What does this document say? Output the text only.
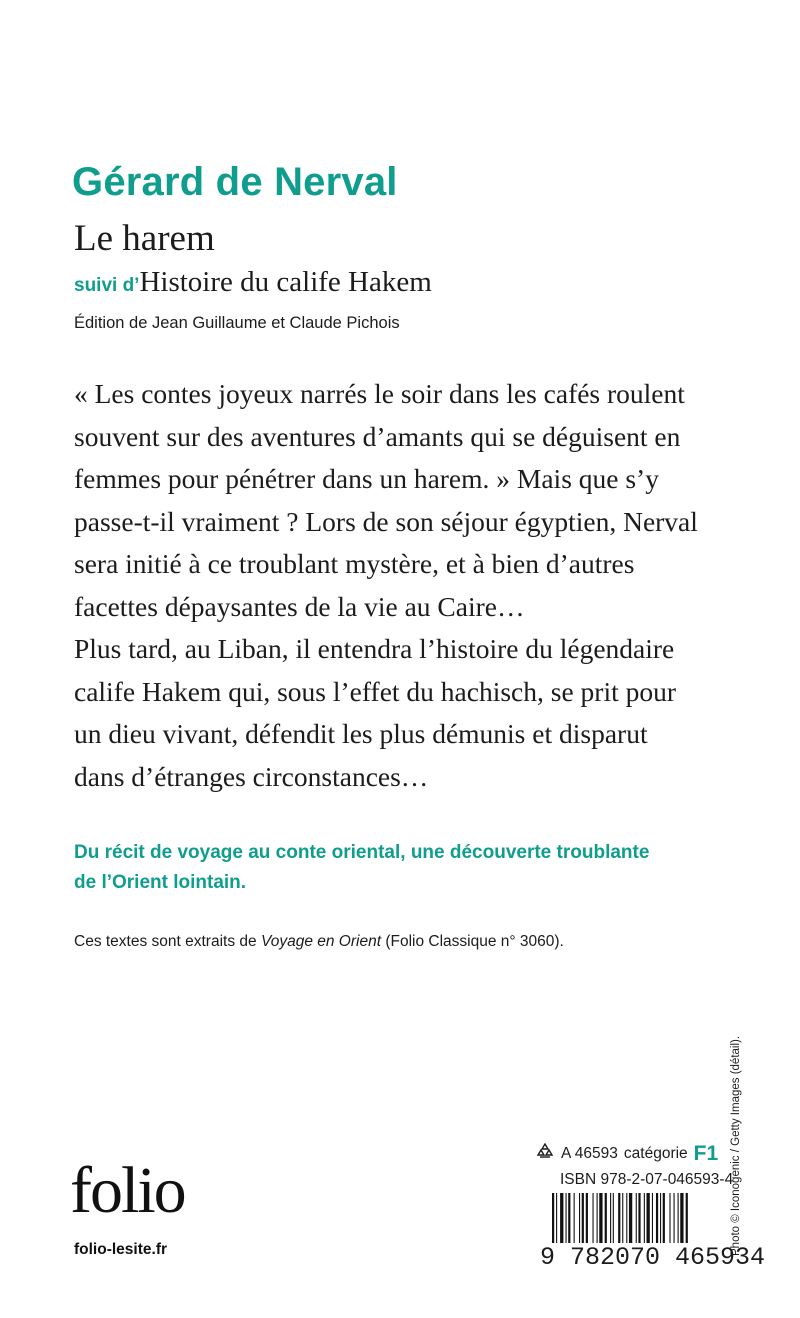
Gérard de Nerval
Le harem
suivi d’Histoire du calife Hakem
Édition de Jean Guillaume et Claude Pichois
« Les contes joyeux narrés le soir dans les cafés roulent
souvent sur des aventures d’amants qui se déguisent en
femmes pour pénétrer dans un harem. » Mais que s’y
passe-t-il vraiment ? Lors de son séjour égyptien, Nerval
sera initié à ce troublant mystère, et à bien d’autres
facettes dépaysantes de la vie au Caire…
Plus tard, au Liban, il entendra l’histoire du légendaire
calife Hakem qui, sous l’effet du hachisch, se prit pour
un dieu vivant, défendit les plus démunis et disparut
dans d’étranges circonstances…
Du récit de voyage au conte oriental, une découverte troublante
de l’Orient lointain.
Ces textes sont extraits de Voyage en Orient (Folio Classique n° 3060).
Photo © Iconogenic / Getty Images (détail).
folio
folio-lesite.fr
A 46593 catégorie F1
ISBN 978-2-07-046593-4
9 782070 465934
